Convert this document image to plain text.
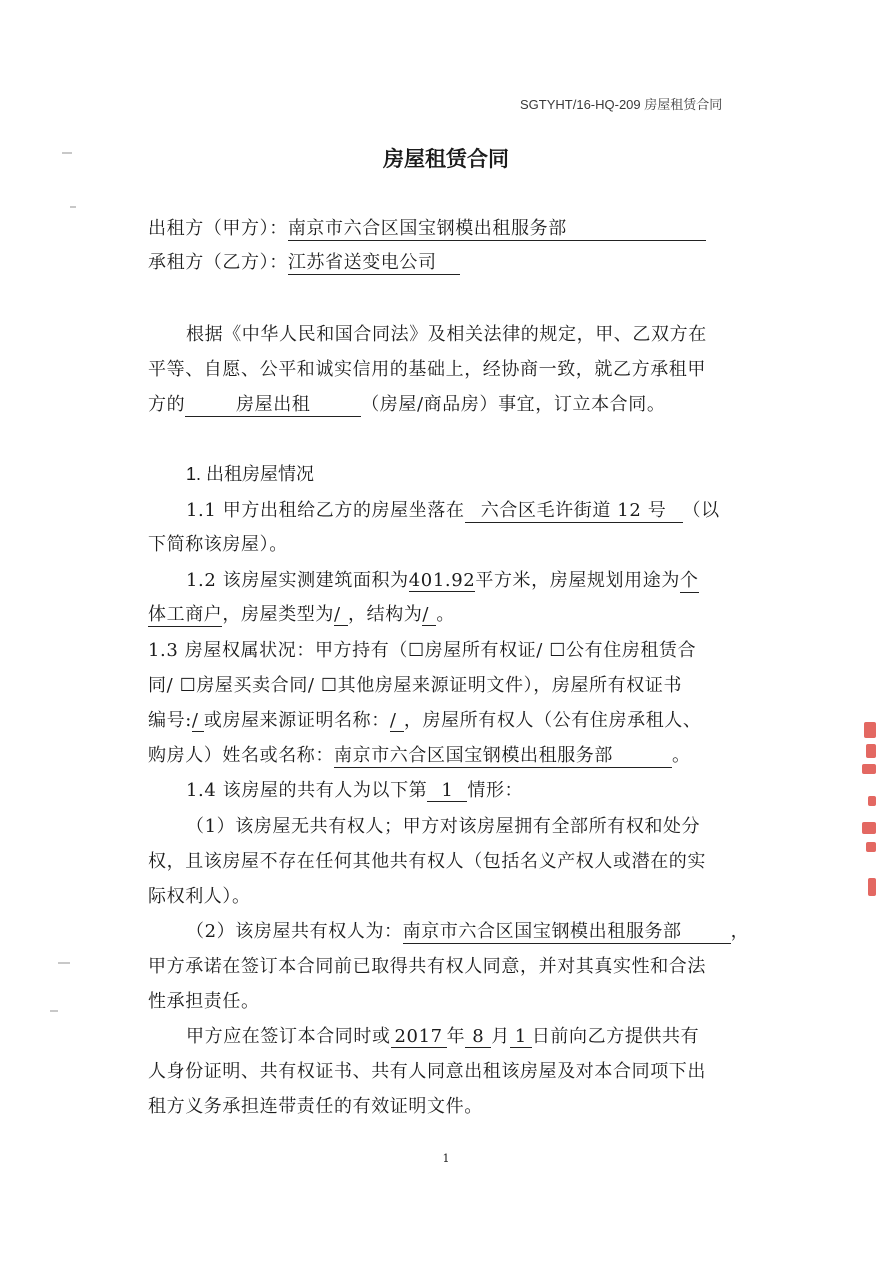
SGTYHT/16-HQ-209 房屋租赁合同
房屋租赁合同
出租方（甲方）：南京市六合区国宝钢模出租服务部
承租方（乙方）：江苏省送变电公司
根据《中华人民和国合同法》及相关法律的规定，甲、乙双方在
平等、自愿、公平和诚实信用的基础上，经协商一致，就乙方承租甲
方的	房屋出租	（房屋/商品房）事宜，订立本合同。
1. 出租房屋情况
1.1 甲方出租给乙方的房屋坐落在 六合区毛许街道 12 号 （以
下简称该房屋）。
1.2 该房屋实测建筑面积为401.92平方米，房屋规划用途为个
体工商户，房屋类型为/ ，结构为/ 。
1.3 房屋权属状况：甲方持有（☐房屋所有权证/ ☐公有住房租赁合
同/ ☐房屋买卖合同/ ☐其他房屋来源证明文件），房屋所有权证书
编号:/ 或房屋来源证明名称：/ ，房屋所有权人（公有住房承租人、
购房人）姓名或名称：南京市六合区国宝钢模出租服务部	。
1.4 该房屋的共有人为以下第 1 情形：
（1）该房屋无共有权人；甲方对该房屋拥有全部所有权和处分
权，且该房屋不存在任何其他共有权人（包括名义产权人或潜在的实
际权利人）。
（2）该房屋共有权人为：南京市六合区国宝钢模出租服务部	，
甲方承诺在签订本合同前已取得共有权人同意，并对其真实性和合法
性承担责任。
甲方应在签订本合同时或 2017 年 8 月 1 日前向乙方提供共有
人身份证明、共有权证书、共有人同意出租该房屋及对本合同项下出
租方义务承担连带责任的有效证明文件。
1
